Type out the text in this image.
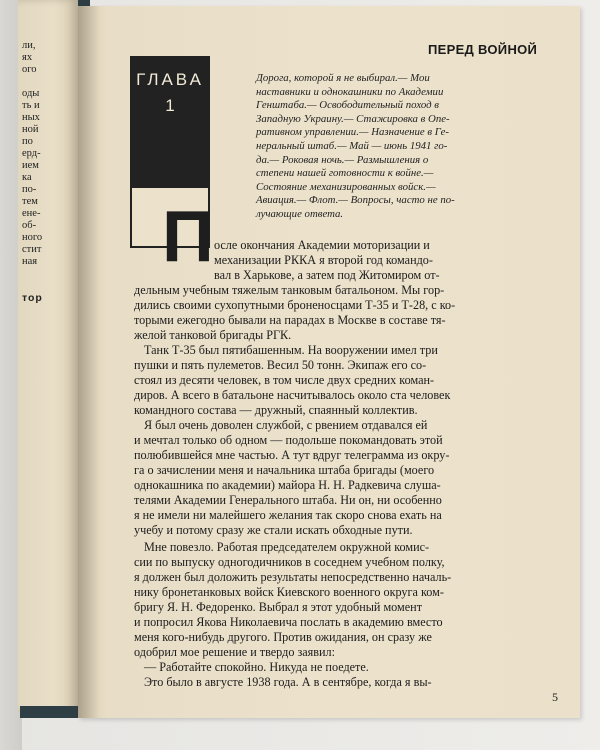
ли,
ях
ого
оды
ть и
ных
ной
по
ерд-
ием
ка
по-
тем
ене-
об-
ного
стит
ная
тор
ПЕРЕД ВОЙНОЙ
ГЛАВА
1
Дорога, которой я не выбирал.— Мои
наставники и однокашники по Академии
Генштаба.— Освободительный поход в
Западную Украину.— Стажировка в Опе-
ративном управлении.— Назначение в Ге-
неральный штаб.— Май — июнь 1941 го-
да.— Роковая ночь.— Размышления о
степени нашей готовности к войне.—
Состояние механизированных войск.—
Авиация.— Флот.— Вопросы, часто не по-
лучающие ответа.
П осле окончания Академии моторизации и
механизации РККА я второй год командо-
вал в Харькове, а затем под Житомиром от-
дельным учебным тяжелым танковым батальоном. Мы гор-
дились своими сухопутными броненосцами Т-35 и Т-28, с ко-
торыми ежегодно бывали на парадах в Москве в составе тя-
желой танковой бригады РГК.
Танк Т-35 был пятибашенным. На вооружении имел три
пушки и пять пулеметов. Весил 50 тонн. Экипаж его со-
стоял из десяти человек, в том числе двух средних коман-
диров. А всего в батальоне насчитывалось около ста человек
командного состава — дружный, спаянный коллектив.
Я был очень доволен службой, с рвением отдавался ей
и мечтал только об одном — подольше покомандовать этой
полюбившейся мне частью. А тут вдруг телеграмма из окру-
га о зачислении меня и начальника штаба бригады (моего
однокашника по академии) майора Н. Н. Радкевича слуша-
телями Академии Генерального штаба. Ни он, ни особенно
я не имели ни малейшего желания так скоро снова ехать на
учебу и потому сразу же стали искать обходные пути.
Мне повезло. Работая председателем окружной комис-
сии по выпуску одногодичников в соседнем учебном полку,
я должен был доложить результаты непосредственно началь-
нику бронетанковых войск Киевского военного округа ком-
бригу Я. Н. Федоренко. Выбрал я этот удобный момент
и попросил Якова Николаевича послать в академию вместо
меня кого-нибудь другого. Против ожидания, он сразу же
одобрил мое решение и твердо заявил:
— Работайте спокойно. Никуда не поедете.
Это было в августе 1938 года. А в сентябре, когда я вы-
5
